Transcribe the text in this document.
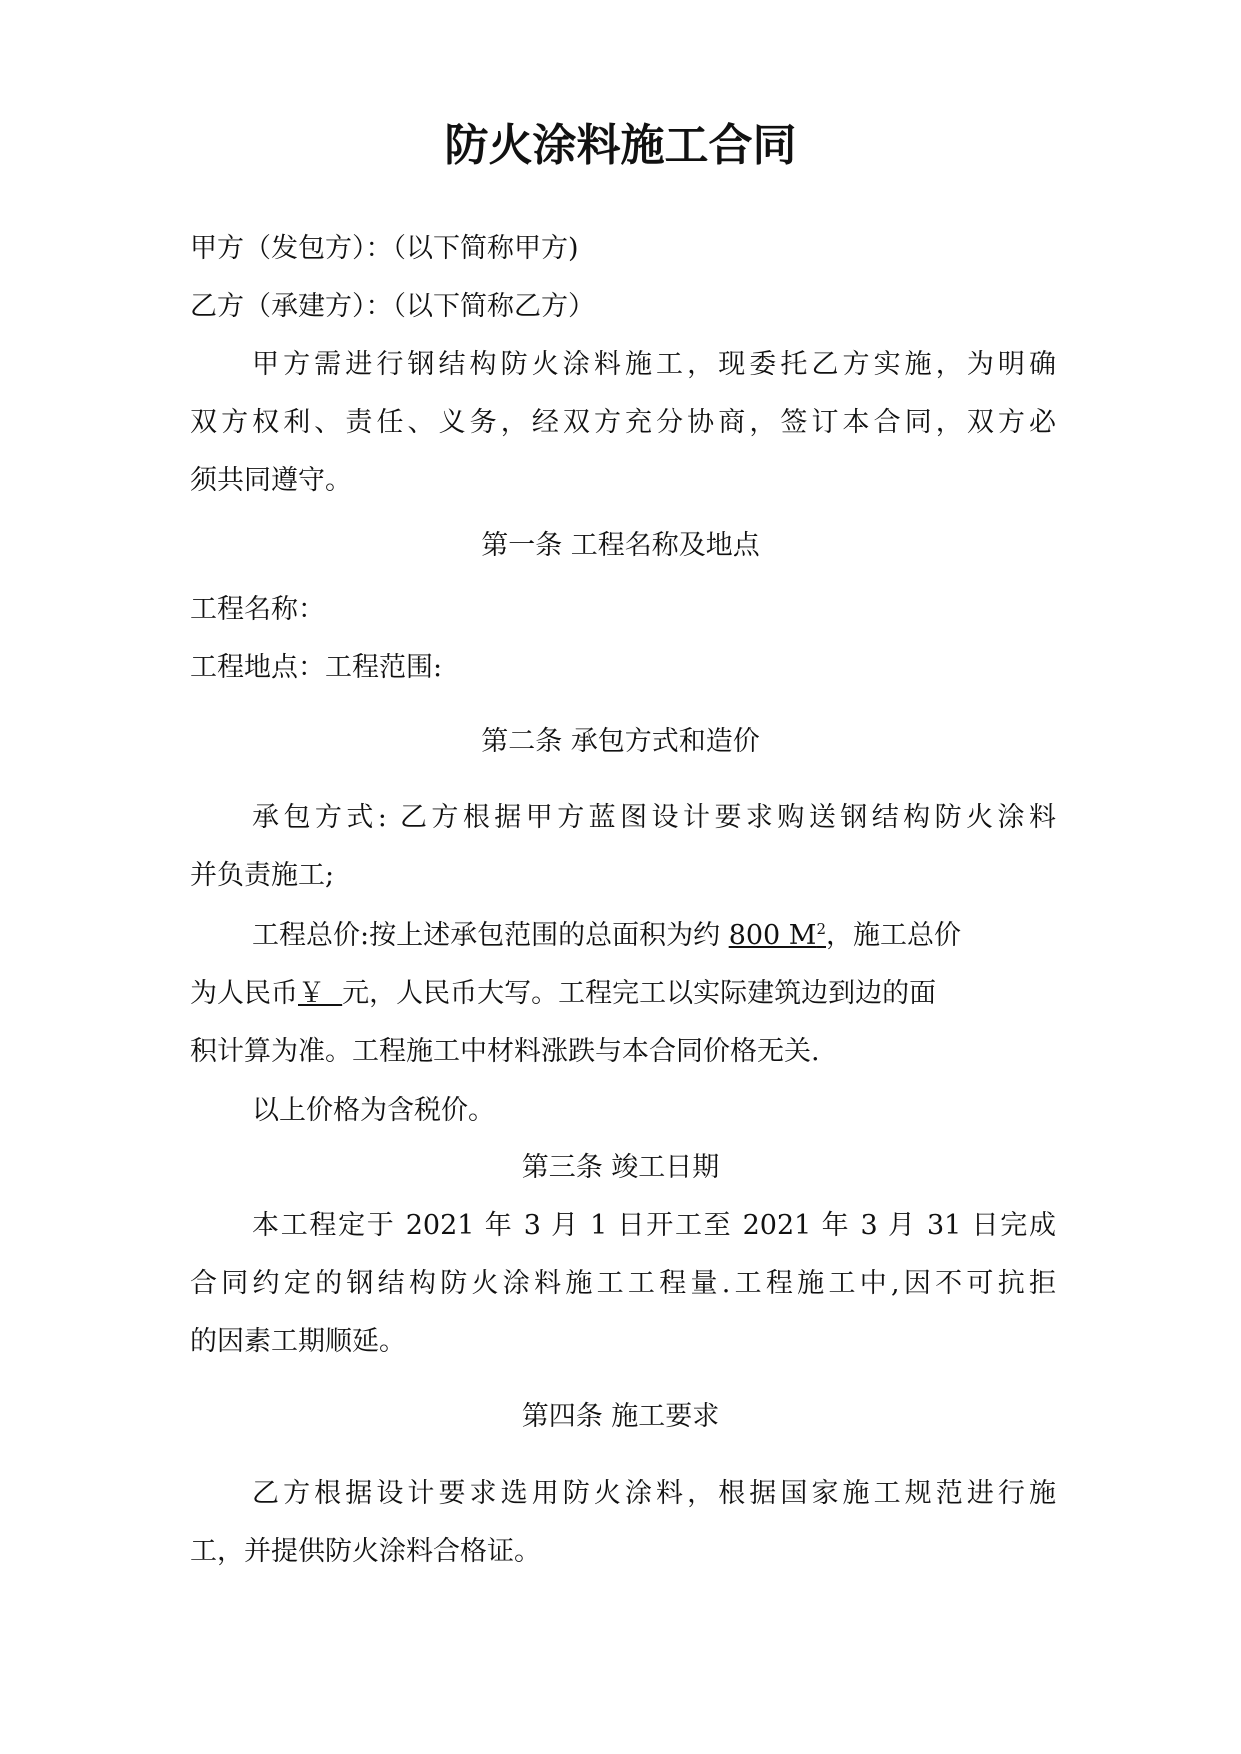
防火涂料施工合同
甲方（发包方）：（以下简称甲方)
乙方（承建方）：（以下简称乙方）
甲方需进行钢结构防火涂料施工，现委托乙方实施，为明确
双方权利、责任、义务，经双方充分协商，签订本合同，双方必
须共同遵守。
第一条 工程名称及地点
工程名称：
工程地点：工程范围:
第二条 承包方式和造价
承包方式: 乙方根据甲方蓝图设计要求购送钢结构防火涂料
并负责施工;
工程总价:按上述承包范围的总面积为约 800 $M^2$，施工总价
为人民币￥  元，人民币大写。工程完工以实际建筑边到边的面
积计算为准。工程施工中材料涨跌与本合同价格无关.
以上价格为含税价。
第三条 竣工日期
本工程定于 2021 年 3 月 1 日开工至 2021 年 3 月 31 日完成
合同约定的钢结构防火涂料施工工程量.工程施工中,因不可抗拒
的因素工期顺延。
第四条 施工要求
乙方根据设计要求选用防火涂料，根据国家施工规范进行施
工，并提供防火涂料合格证。
